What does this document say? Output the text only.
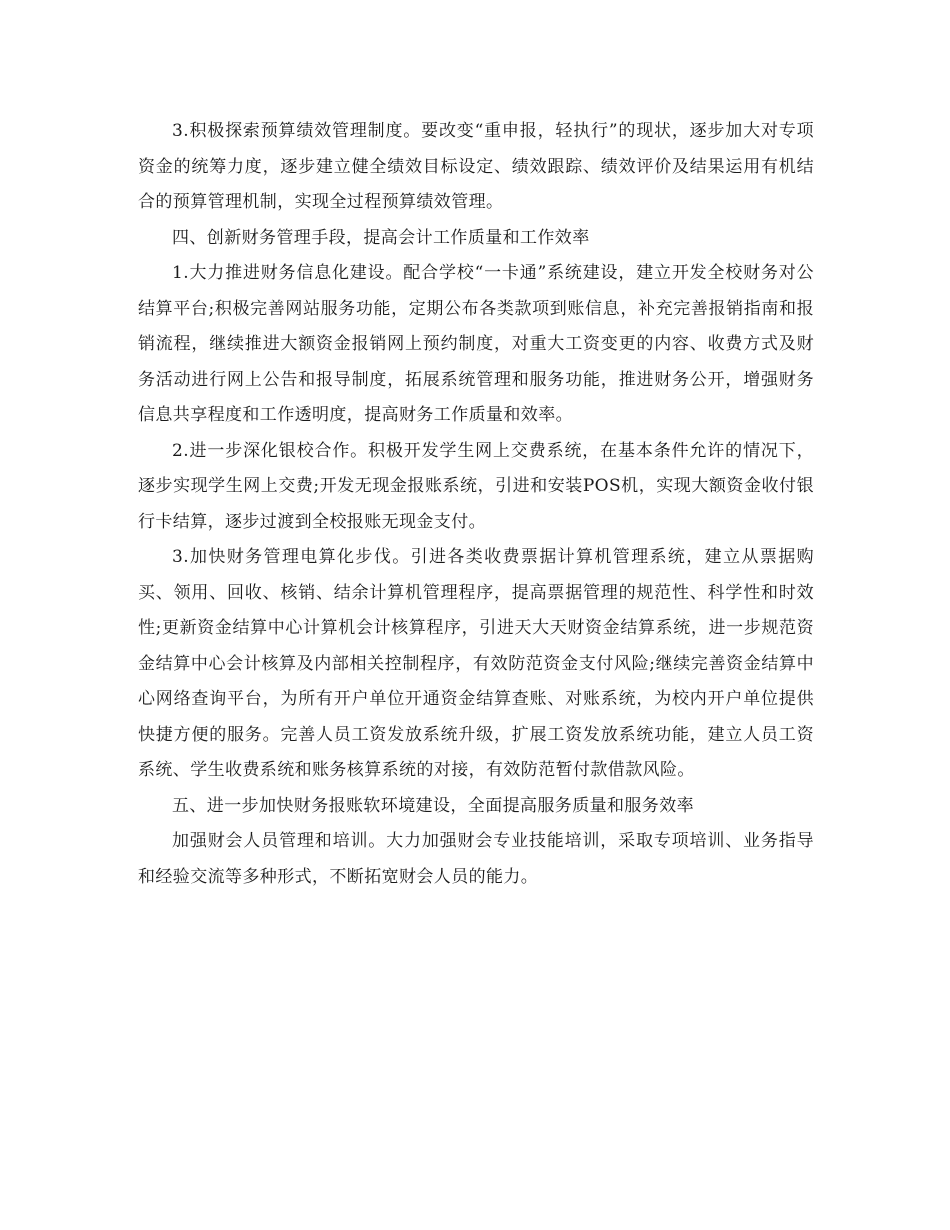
3.积极探索预算绩效管理制度。要改变“重申报，轻执行”的现状，逐步加大对专项资金的统筹力度，逐步建立健全绩效目标设定、绩效跟踪、绩效评价及结果运用有机结合的预算管理机制，实现全过程预算绩效管理。

四、创新财务管理手段，提高会计工作质量和工作效率

1.大力推进财务信息化建设。配合学校“一卡通”系统建设，建立开发全校财务对公结算平台;积极完善网站服务功能，定期公布各类款项到账信息，补充完善报销指南和报销流程，继续推进大额资金报销网上预约制度，对重大工资变更的内容、收费方式及财务活动进行网上公告和报导制度，拓展系统管理和服务功能，推进财务公开，增强财务信息共享程度和工作透明度，提高财务工作质量和效率。

2.进一步深化银校合作。积极开发学生网上交费系统，在基本条件允许的情况下，逐步实现学生网上交费;开发无现金报账系统，引进和安装POS机，实现大额资金收付银行卡结算，逐步过渡到全校报账无现金支付。

3.加快财务管理电算化步伐。引进各类收费票据计算机管理系统，建立从票据购买、领用、回收、核销、结余计算机管理程序，提高票据管理的规范性、科学性和时效性;更新资金结算中心计算机会计核算程序，引进天大天财资金结算系统，进一步规范资金结算中心会计核算及内部相关控制程序，有效防范资金支付风险;继续完善资金结算中心网络查询平台，为所有开户单位开通资金结算查账、对账系统，为校内开户单位提供快捷方便的服务。完善人员工资发放系统升级，扩展工资发放系统功能，建立人员工资系统、学生收费系统和账务核算系统的对接，有效防范暂付款借款风险。

五、进一步加快财务报账软环境建设，全面提高服务质量和服务效率

加强财会人员管理和培训。大力加强财会专业技能培训，采取专项培训、业务指导和经验交流等多种形式，不断拓宽财会人员的能力。
